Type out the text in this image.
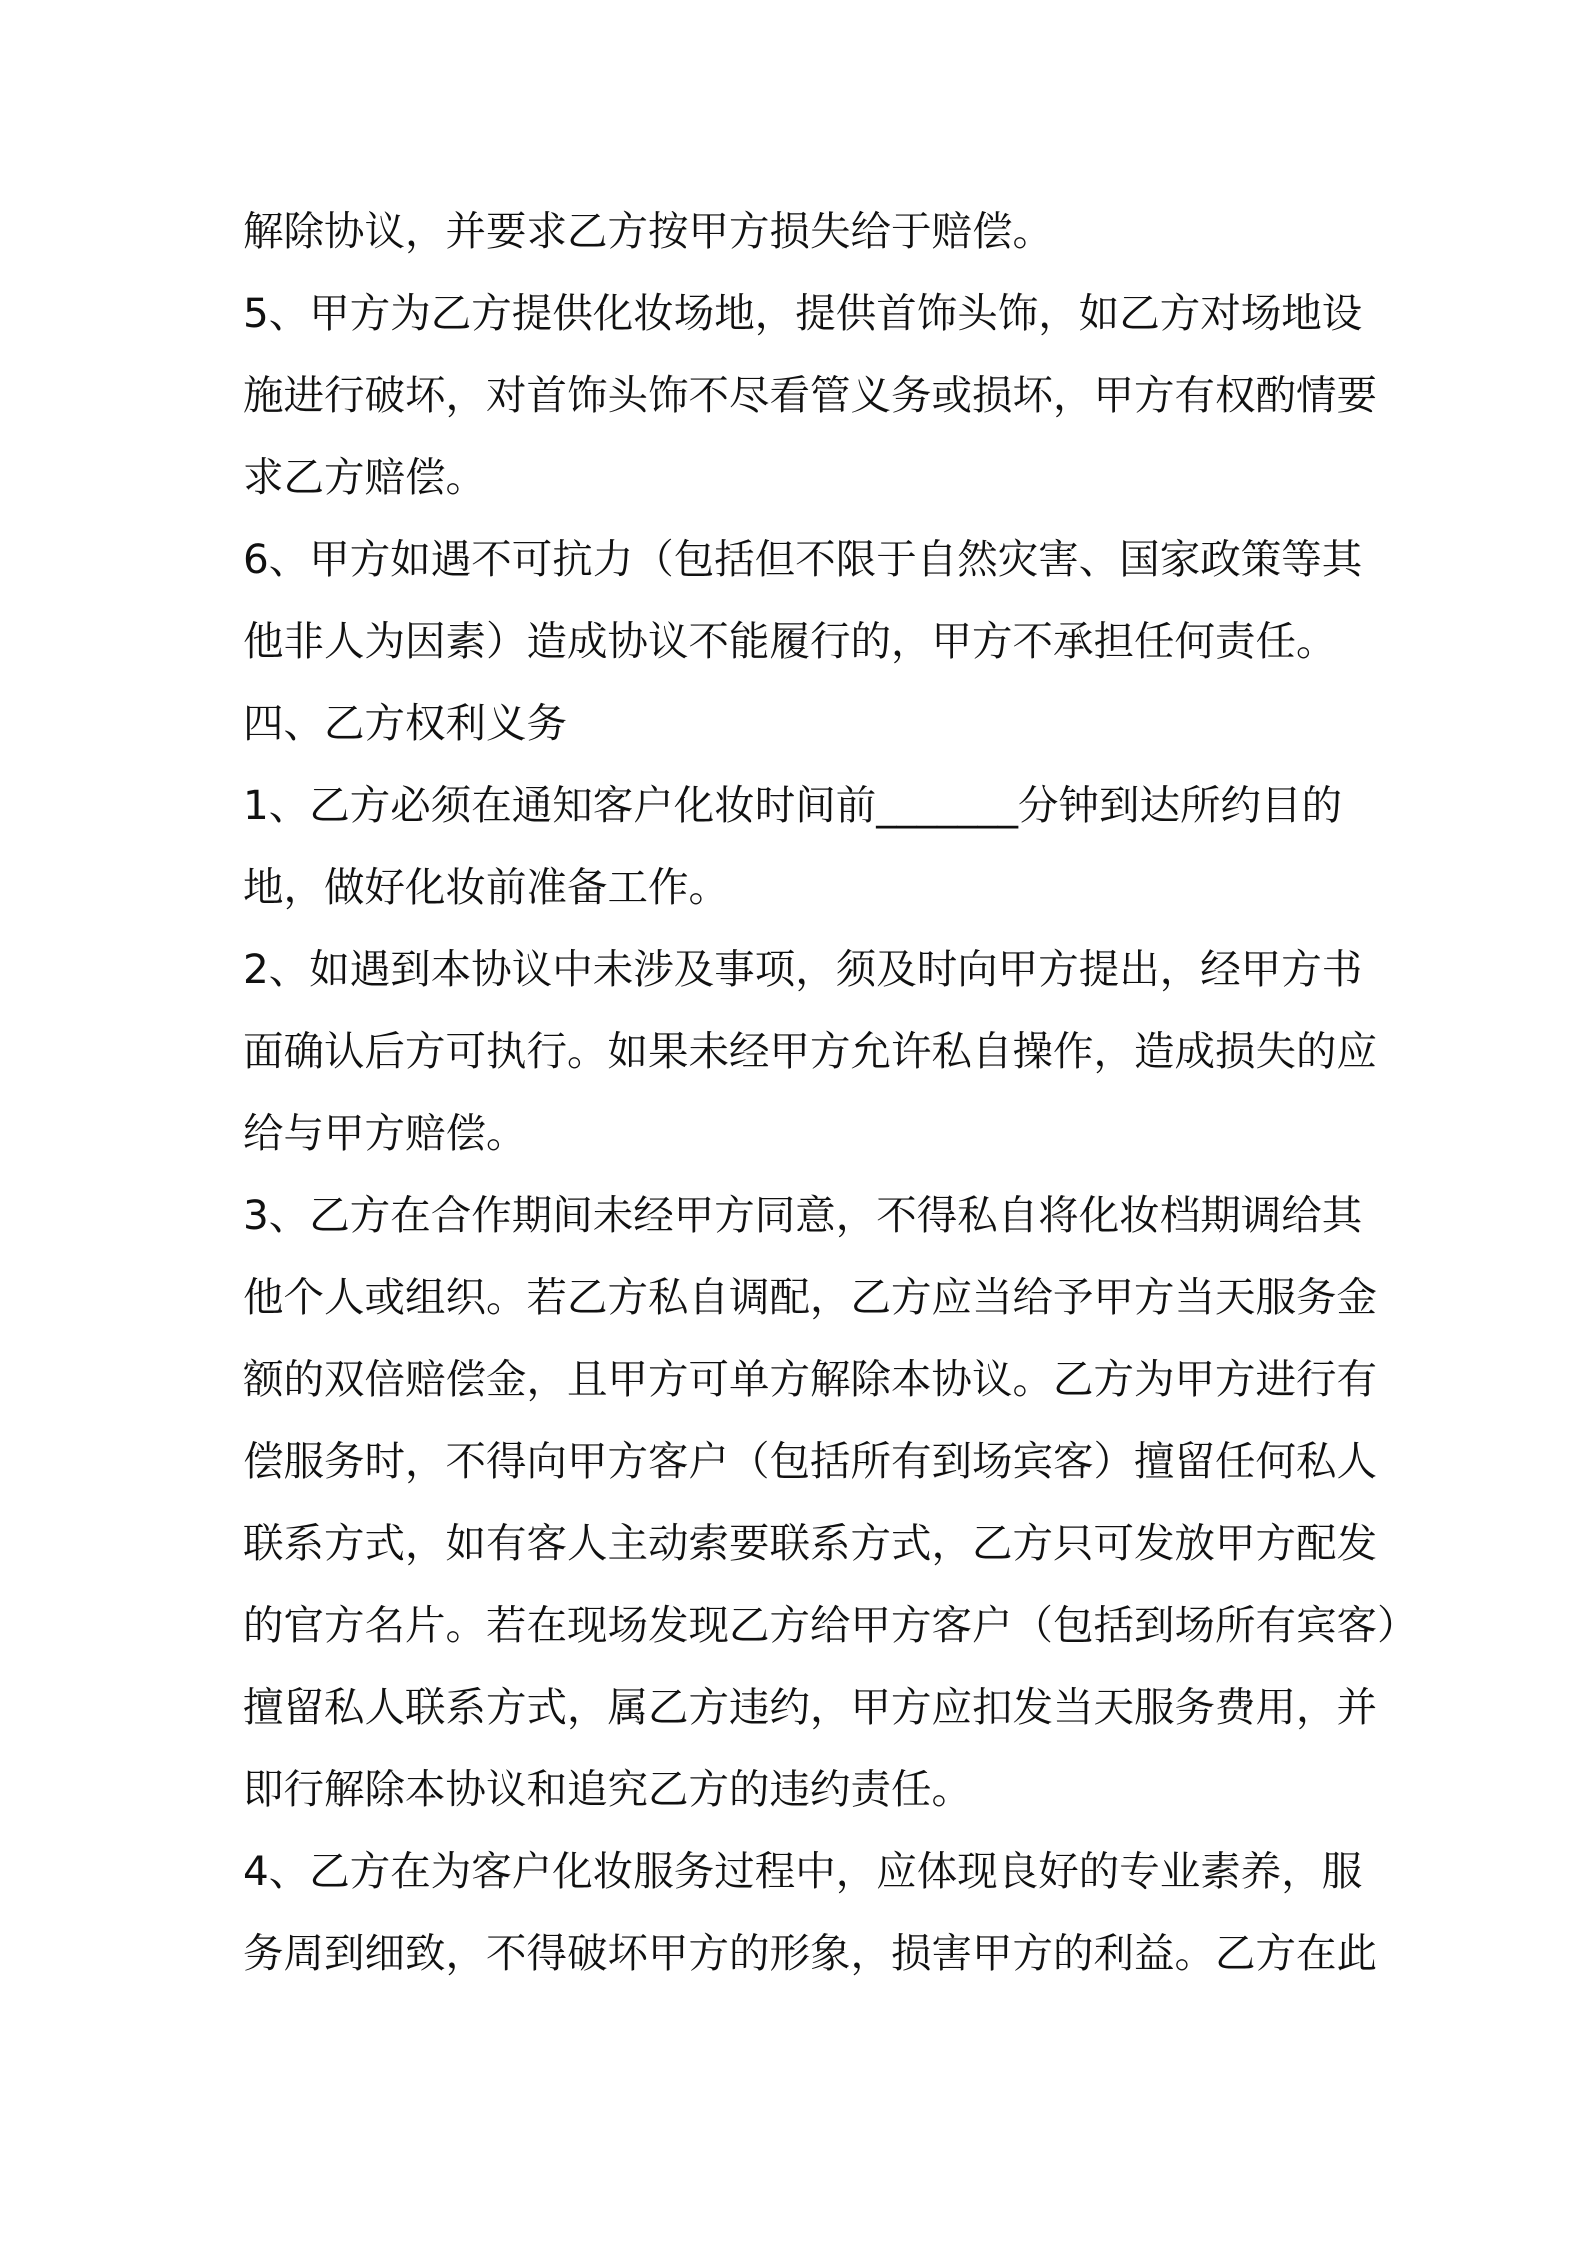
解除协议，并要求乙方按甲方损失给于赔偿。
5、甲方为乙方提供化妆场地，提供首饰头饰，如乙方对场地设
施进行破坏，对首饰头饰不尽看管义务或损坏，甲方有权酌情要
求乙方赔偿。
6、甲方如遇不可抗力（包括但不限于自然灾害、国家政策等其
他非人为因素）造成协议不能履行的，甲方不承担任何责任。
四、乙方权利义务
1、乙方必须在通知客户化妆时间前_______分钟到达所约目的
地，做好化妆前准备工作。
2、如遇到本协议中未涉及事项，须及时向甲方提出，经甲方书
面确认后方可执行。如果未经甲方允许私自操作，造成损失的应
给与甲方赔偿。
3、乙方在合作期间未经甲方同意，不得私自将化妆档期调给其
他个人或组织。若乙方私自调配，乙方应当给予甲方当天服务金
额的双倍赔偿金，且甲方可单方解除本协议。乙方为甲方进行有
偿服务时，不得向甲方客户（包括所有到场宾客）擅留任何私人
联系方式，如有客人主动索要联系方式，乙方只可发放甲方配发
的官方名片。若在现场发现乙方给甲方客户（包括到场所有宾客）
擅留私人联系方式，属乙方违约，甲方应扣发当天服务费用，并
即行解除本协议和追究乙方的违约责任。
4、乙方在为客户化妆服务过程中，应体现良好的专业素养，服
务周到细致，不得破坏甲方的形象，损害甲方的利益。乙方在此
